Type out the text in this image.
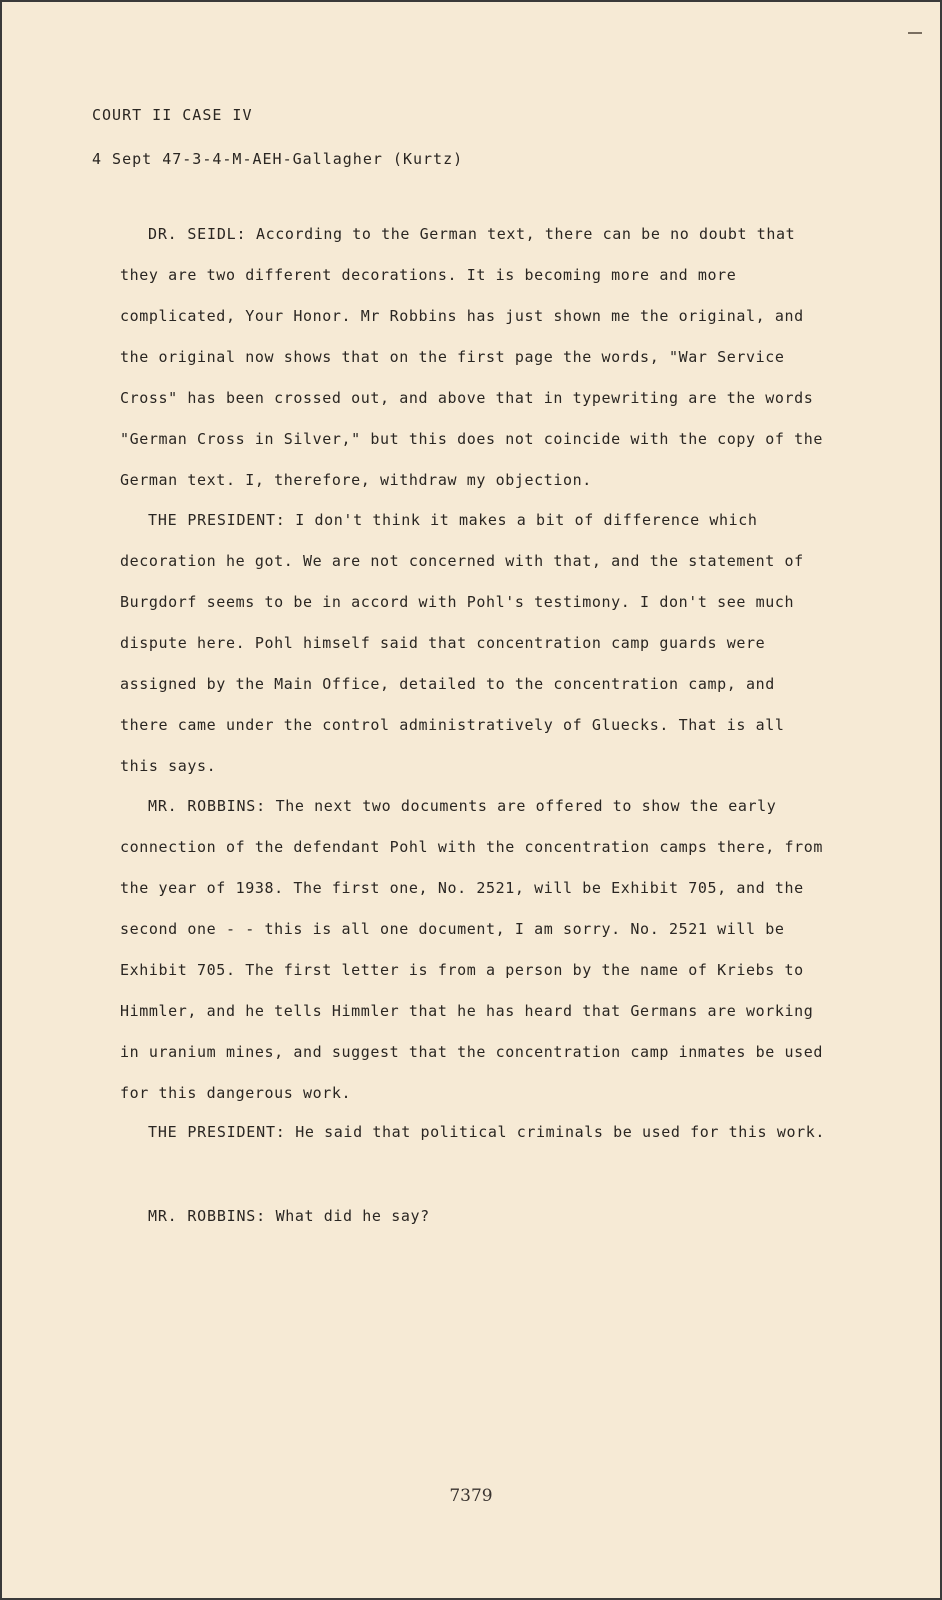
COURT II CASE IV
4 Sept 47-3-4-M-AEH-Gallagher (Kurtz)

DR. SEIDL: According to the German text, there can be no doubt that they are two different decorations. It is becoming more and more complicated, Your Honor. Mr Robbins has just shown me the original, and the original now shows that on the first page the words, "War Service Cross" has been crossed out, and above that in typewriting are the words "German Cross in Silver," but this does not coincide with the copy of the German text. I, therefore, withdraw my objection.

THE PRESIDENT: I don't think it makes a bit of difference which decoration he got. We are not concerned with that, and the statement of Burgdorf seems to be in accord with Pohl's testimony. I don't see much dispute here. Pohl himself said that concentration camp guards were assigned by the Main Office, detailed to the concentration camp, and there came under the control administratively of Gluecks. That is all this says.

MR. ROBBINS: The next two documents are offered to show the early connection of the defendant Pohl with the concentration camps there, from the year of 1938. The first one, No. 2521, will be Exhibit 705, and the second one - - this is all one document, I am sorry. No. 2521 will be Exhibit 705. The first letter is from a person by the name of Kriebs to Himmler, and he tells Himmler that he has heard that Germans are working in uranium mines, and suggest that the concentration camp inmates be used for this dangerous work.

THE PRESIDENT: He said that political criminals be used for this work.

MR. ROBBINS: What did he say?

7379
